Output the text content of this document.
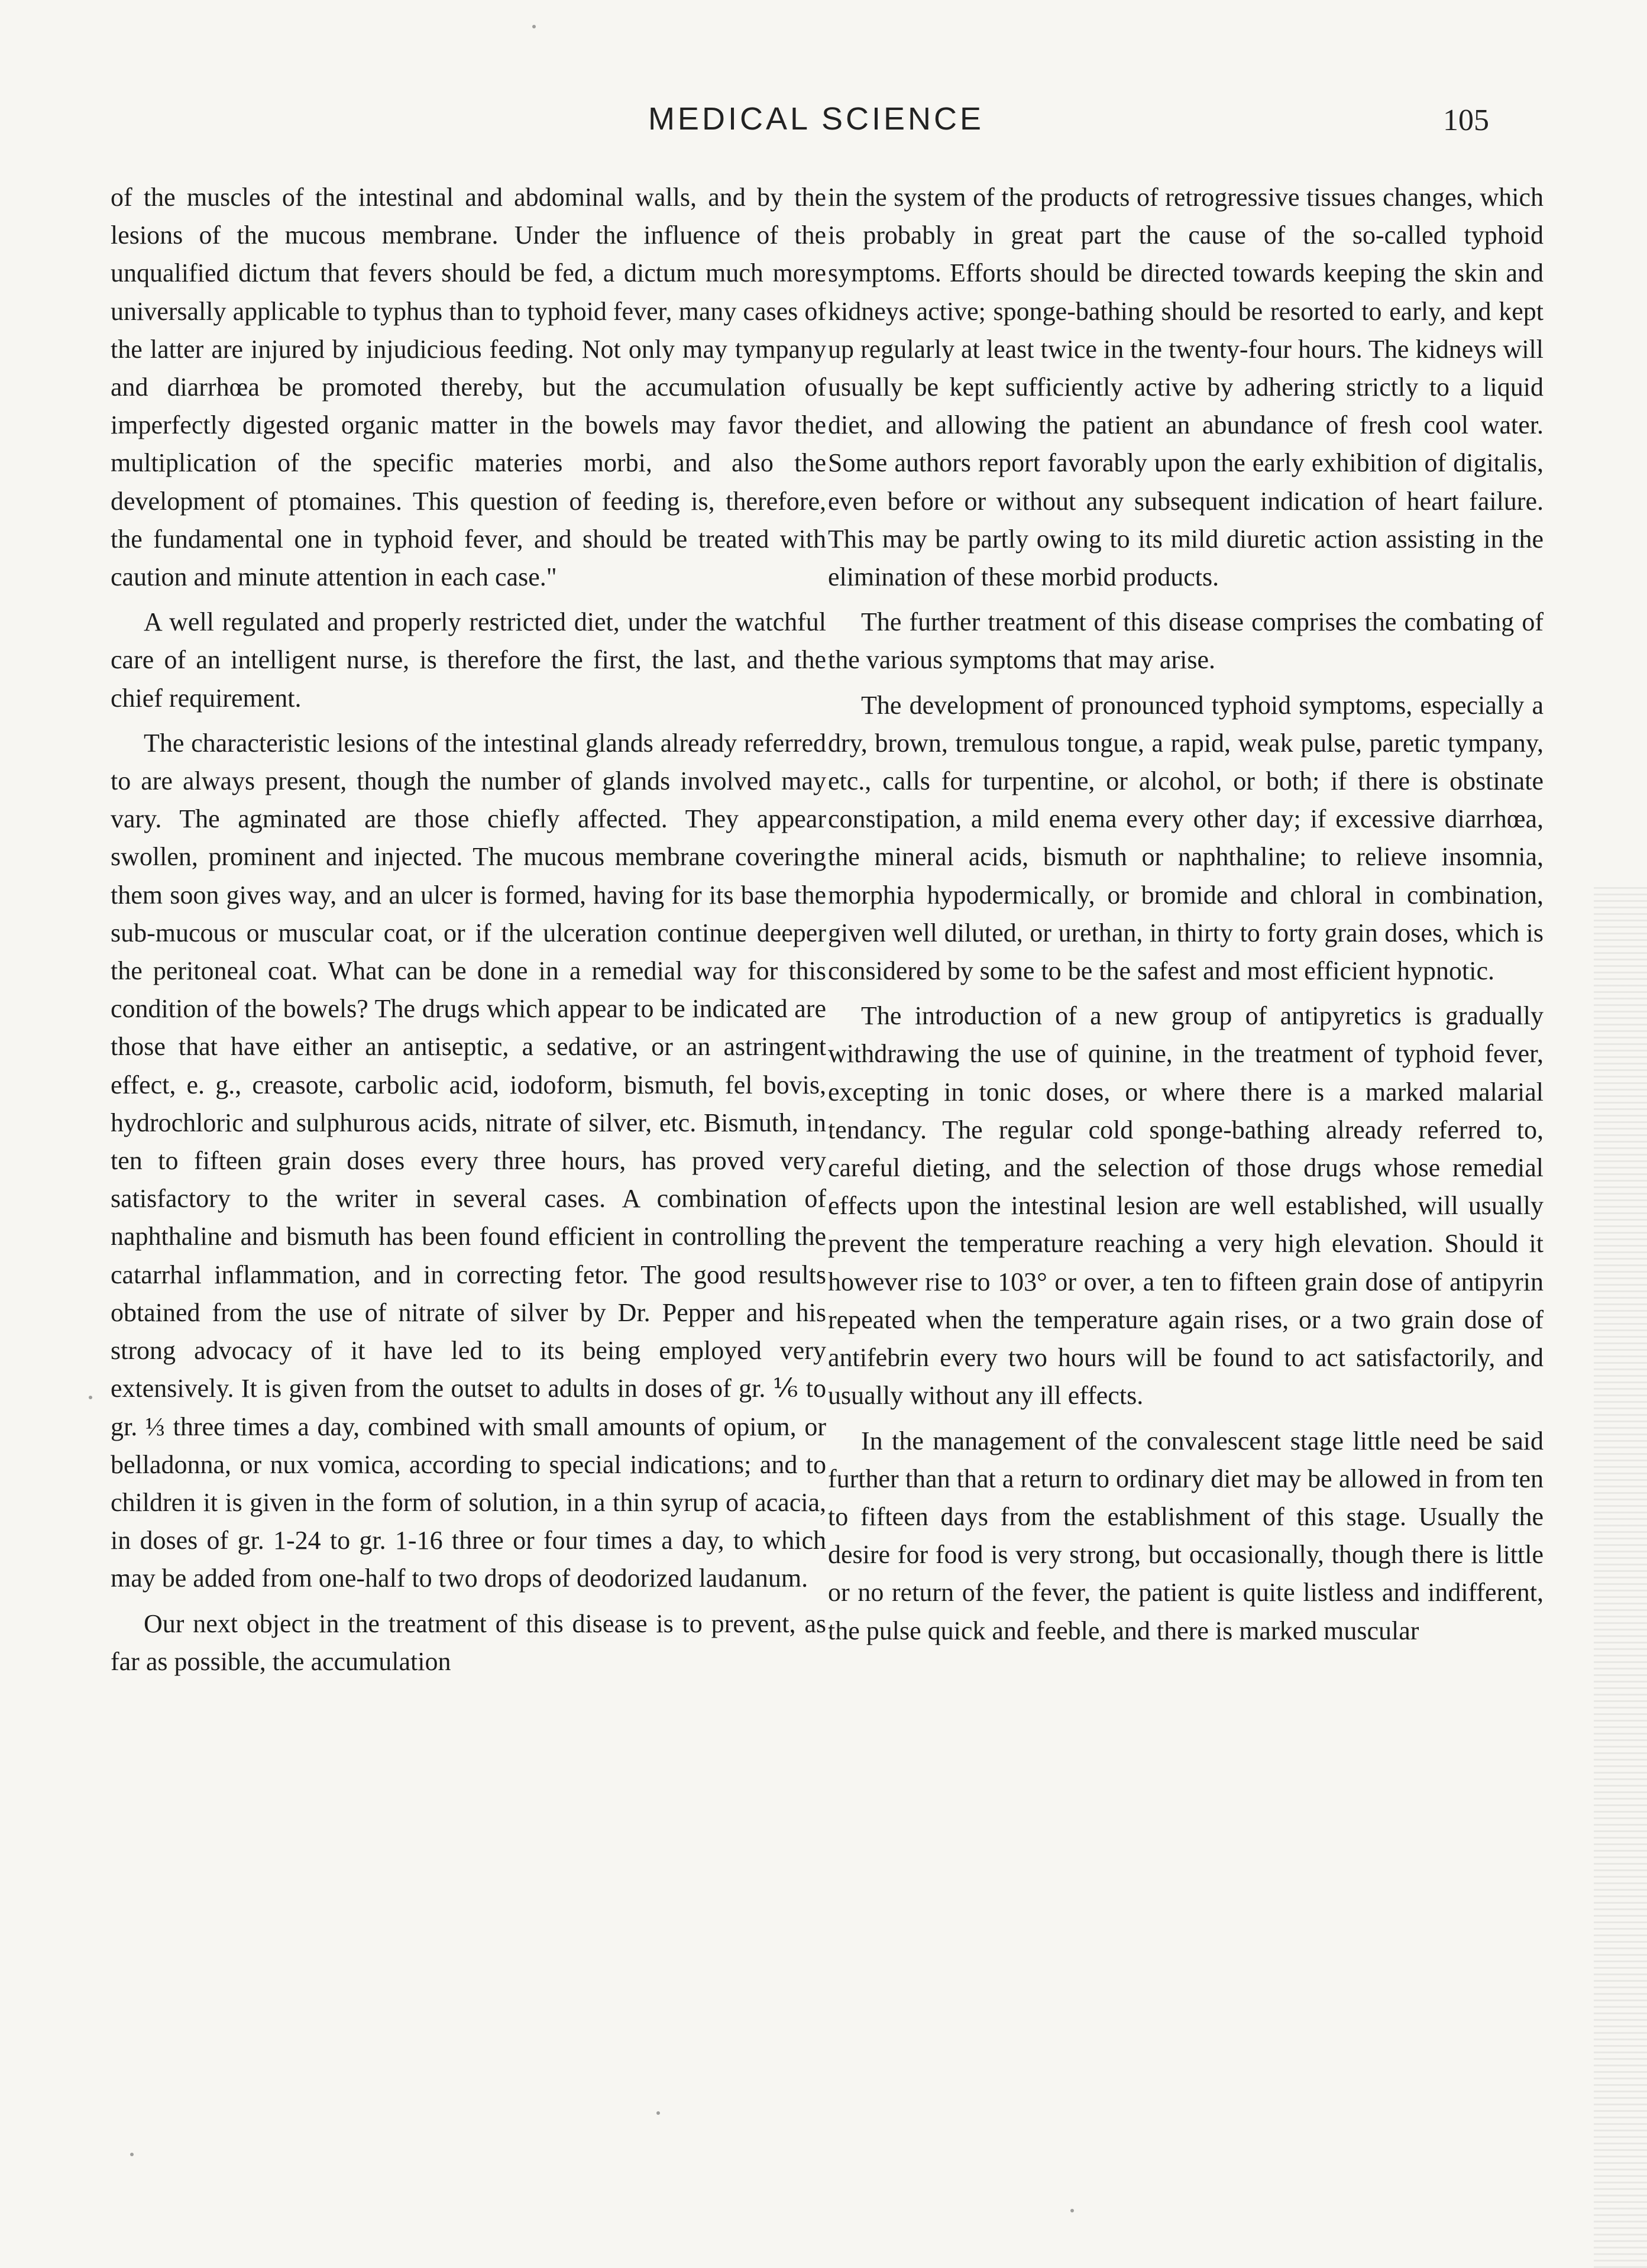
MEDICAL SCIENCE	105

of the muscles of the intestinal and abdominal walls, and by the lesions of the mucous membrane. Under the influence of the unqualified dictum that fevers should be fed, a dictum much more universally applicable to typhus than to typhoid fever, many cases of the latter are injured by injudicious feeding. Not only may tympany and diarrhœa be promoted thereby, but the accumulation of imperfectly digested organic matter in the bowels may favor the multiplication of the specific materies morbi, and also the development of ptomaines. This question of feeding is, therefore, the fundamental one in typhoid fever, and should be treated with caution and minute attention in each case."

A well regulated and properly restricted diet, under the watchful care of an intelligent nurse, is therefore the first, the last, and the chief requirement.

The characteristic lesions of the intestinal glands already referred to are always present, though the number of glands involved may vary. The agminated are those chiefly affected. They appear swollen, prominent and injected. The mucous membrane covering them soon gives way, and an ulcer is formed, having for its base the sub-mucous or muscular coat, or if the ulceration continue deeper the peritoneal coat. What can be done in a remedial way for this condition of the bowels? The drugs which appear to be indicated are those that have either an antiseptic, a sedative, or an astringent effect, e. g., creasote, carbolic acid, iodoform, bismuth, fel bovis, hydrochloric and sulphurous acids, nitrate of silver, etc. Bismuth, in ten to fifteen grain doses every three hours, has proved very satisfactory to the writer in several cases. A combination of naphthaline and bismuth has been found efficient in controlling the catarrhal inflammation, and in correcting fetor. The good results obtained from the use of nitrate of silver by Dr. Pepper and his strong advocacy of it have led to its being employed very extensively. It is given from the outset to adults in doses of gr. ⅙ to gr. ⅓ three times a day, combined with small amounts of opium, or belladonna, or nux vomica, according to special indications; and to children it is given in the form of solution, in a thin syrup of acacia, in doses of gr. 1-24 to gr. 1-16 three or four times a day, to which may be added from one-half to two drops of deodorized laudanum.

Our next object in the treatment of this disease is to prevent, as far as possible, the accumulation

in the system of the products of retrogressive tissues changes, which is probably in great part the cause of the so-called typhoid symptoms. Efforts should be directed towards keeping the skin and kidneys active; sponge-bathing should be resorted to early, and kept up regularly at least twice in the twenty-four hours. The kidneys will usually be kept sufficiently active by adhering strictly to a liquid diet, and allowing the patient an abundance of fresh cool water. Some authors report favorably upon the early exhibition of digitalis, even before or without any subsequent indication of heart failure. This may be partly owing to its mild diuretic action assisting in the elimination of these morbid products.

The further treatment of this disease comprises the combating of the various symptoms that may arise.

The development of pronounced typhoid symptoms, especially a dry, brown, tremulous tongue, a rapid, weak pulse, paretic tympany, etc., calls for turpentine, or alcohol, or both; if there is obstinate constipation, a mild enema every other day; if excessive diarrhœa, the mineral acids, bismuth or naphthaline; to relieve insomnia, morphia hypodermically, or bromide and chloral in combination, given well diluted, or urethan, in thirty to forty grain doses, which is considered by some to be the safest and most efficient hypnotic.

The introduction of a new group of antipyretics is gradually withdrawing the use of quinine, in the treatment of typhoid fever, excepting in tonic doses, or where there is a marked malarial tendancy. The regular cold sponge-bathing already referred to, careful dieting, and the selection of those drugs whose remedial effects upon the intestinal lesion are well established, will usually prevent the temperature reaching a very high elevation. Should it however rise to 103° or over, a ten to fifteen grain dose of antipyrin repeated when the temperature again rises, or a two grain dose of antifebrin every two hours will be found to act satisfactorily, and usually without any ill effects.

In the management of the convalescent stage little need be said further than that a return to ordinary diet may be allowed in from ten to fifteen days from the establishment of this stage. Usually the desire for food is very strong, but occasionally, though there is little or no return of the fever, the patient is quite listless and indifferent, the pulse quick and feeble, and there is marked muscular
